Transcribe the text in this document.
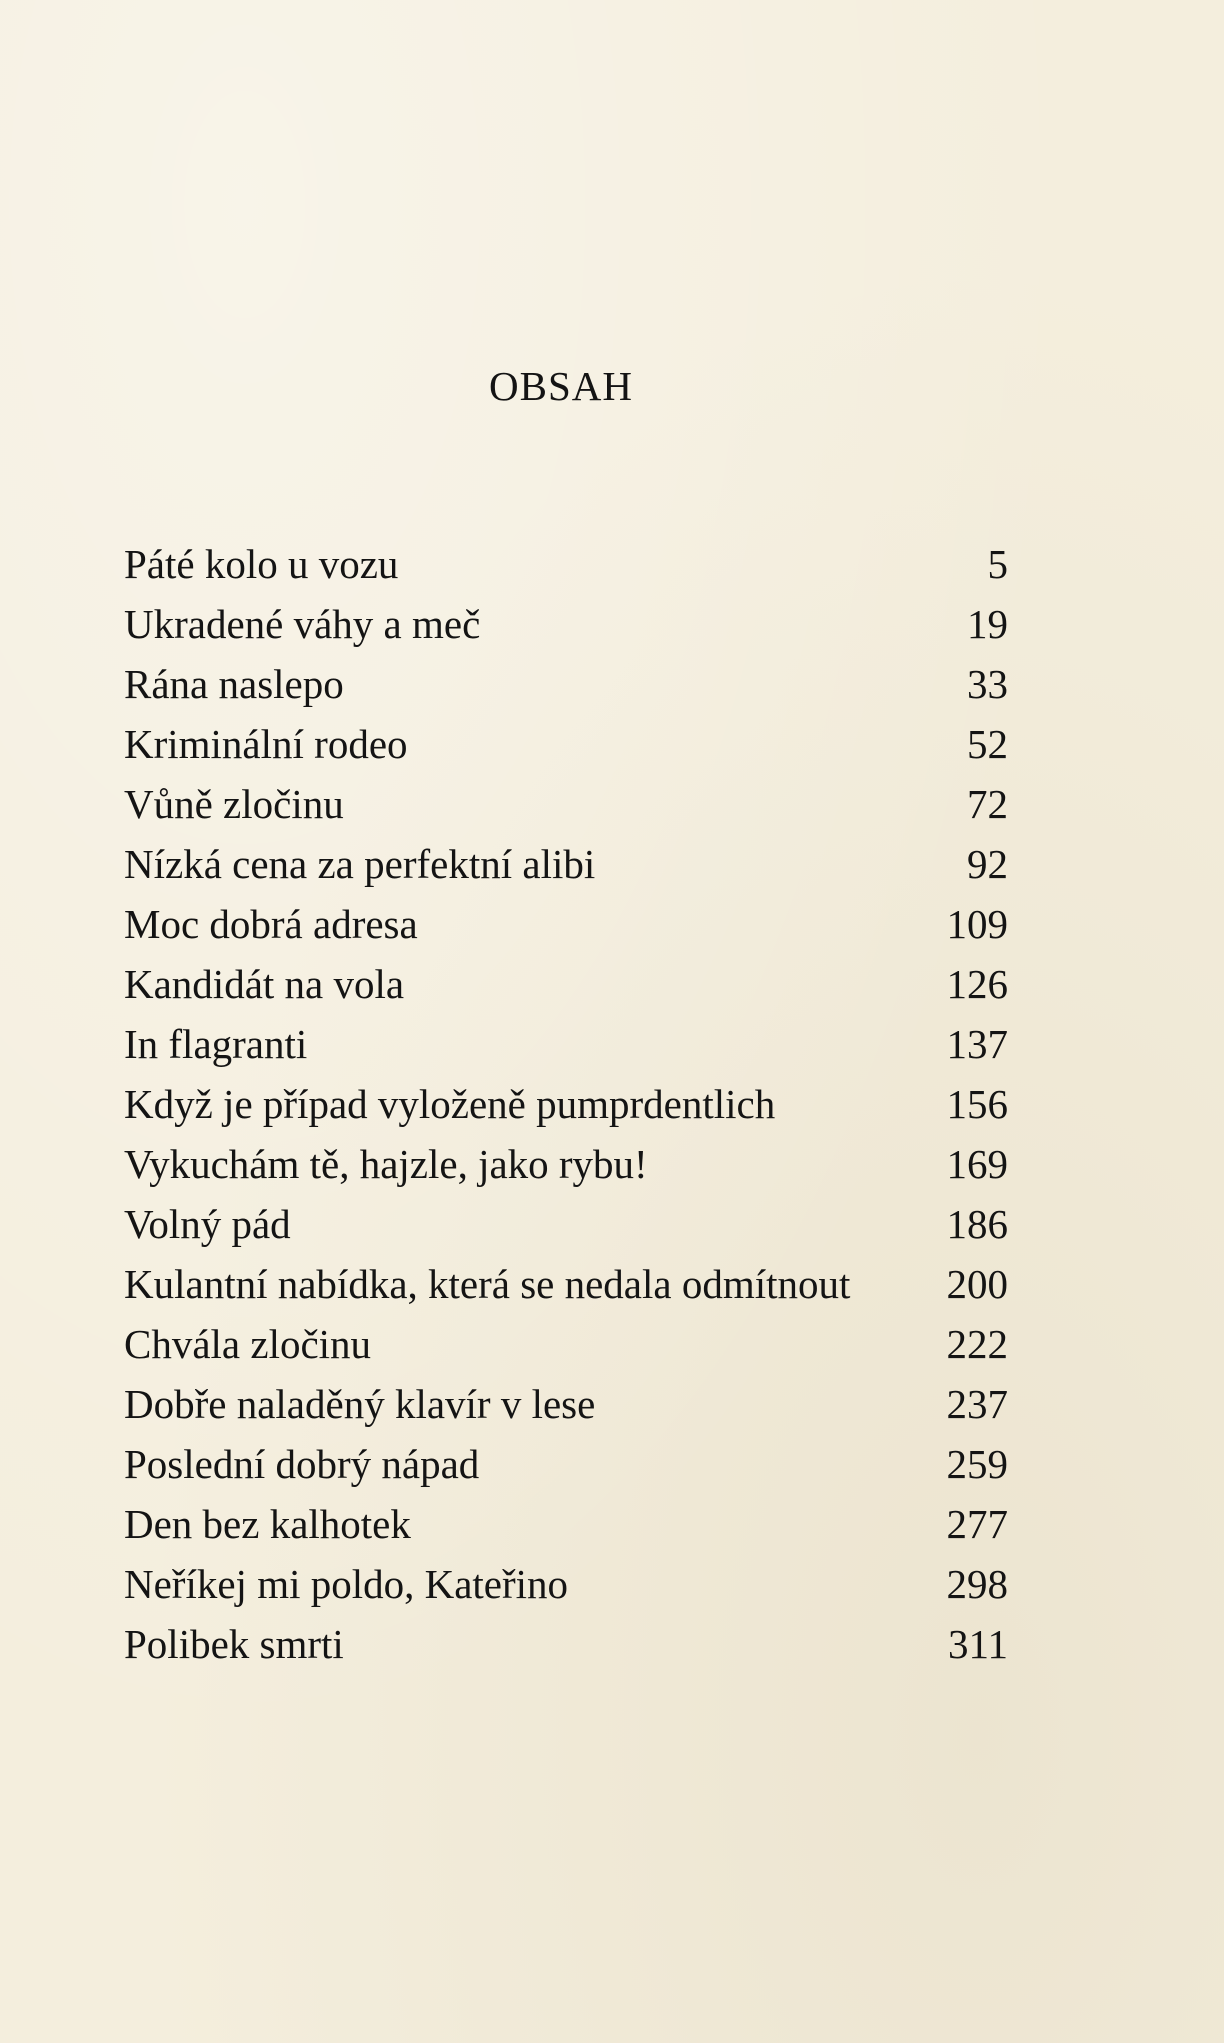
OBSAH
Páté kolo u vozu	5
Ukradené váhy a meč	19
Rána naslepo	33
Kriminální rodeo	52
Vůně zločinu	72
Nízká cena za perfektní alibi	92
Moc dobrá adresa	109
Kandidát na vola	126
In flagranti	137
Když je případ vyloženě pumprdentlich	156
Vykuchám tě, hajzle, jako rybu!	169
Volný pád	186
Kulantní nabídka, která se nedala odmítnout	200
Chvála zločinu	222
Dobře naladěný klavír v lese	237
Poslední dobrý nápad	259
Den bez kalhotek	277
Neříkej mi poldo, Kateřino	298
Polibek smrti	311
